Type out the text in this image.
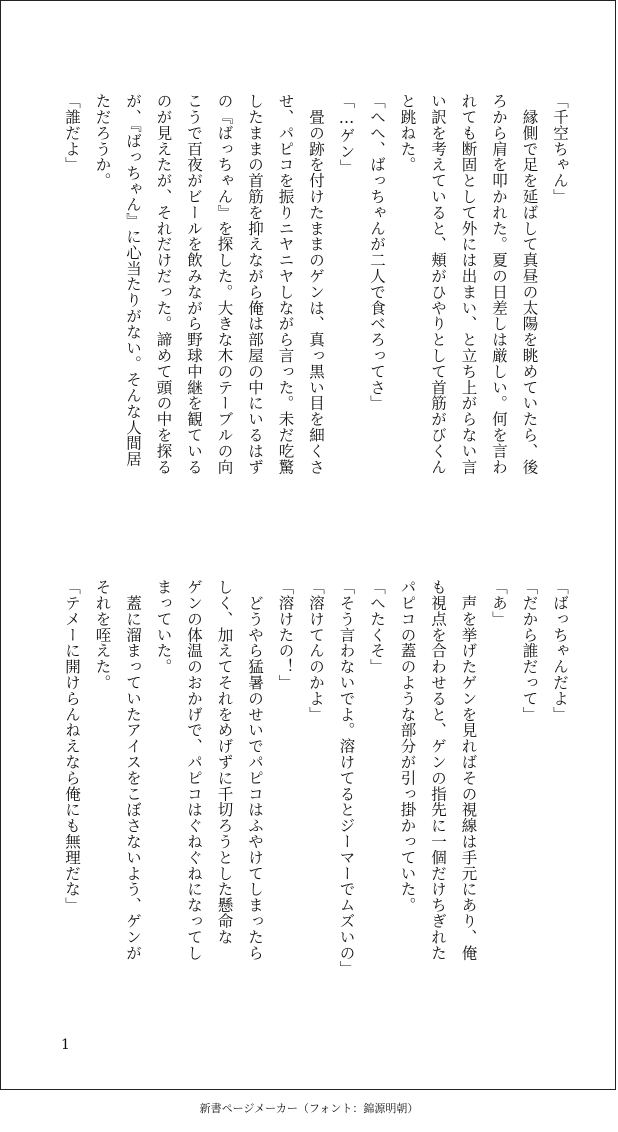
「千空ちゃん」

　縁側で足を延ばして真昼の太陽を眺めていたら、後

ろから肩を叩かれた。夏の日差しは厳しい。何を言わ

れても断固として外には出まい、と立ち上がらない言

い訳を考えていると、頬がひやりとして首筋がびくん

と跳ねた。

「へへ、ばっちゃんが二人で食べろってさ」

「…ゲン」

　畳の跡を付けたままのゲンは、真っ黒い目を細くさ

せ、パピコを振りニヤニヤしながら言った。未だ吃驚

したままの首筋を抑えながら俺は部屋の中にいるはず

の『ばっちゃん』を探した。大きな木のテーブルの向

こうで百夜がビールを飲みながら野球中継を観ている

のが見えたが、それだけだった。諦めて頭の中を探る

が、『ばっちゃん』に心当たりがない。そんな人間居

ただろうか。

「誰だよ」

「ばっちゃんだよ」

「だから誰だって」

「あ」

　声を挙げたゲンを見ればその視線は手元にあり、俺

も視点を合わせると、ゲンの指先に一個だけちぎれた

パピコの蓋のような部分が引っ掛かっていた。

「へたくそ」

「そう言わないでよ。溶けてるとジーマーでムズいの」

「溶けてんのかよ」

「溶けたの！」

　どうやら猛暑のせいでパピコはふやけてしまったら

しく、加えてそれをめげずに千切ろうとした懸命な

ゲンの体温のおかげで、パピコはぐねぐねになってし

まっていた。

　蓋に溜まっていたアイスをこぼさないよう、ゲンが

それを咥えた。

「テメーに開けらんねえなら俺にも無理だな」

1
新書ページメーカー（フォント：錦源明朝）
